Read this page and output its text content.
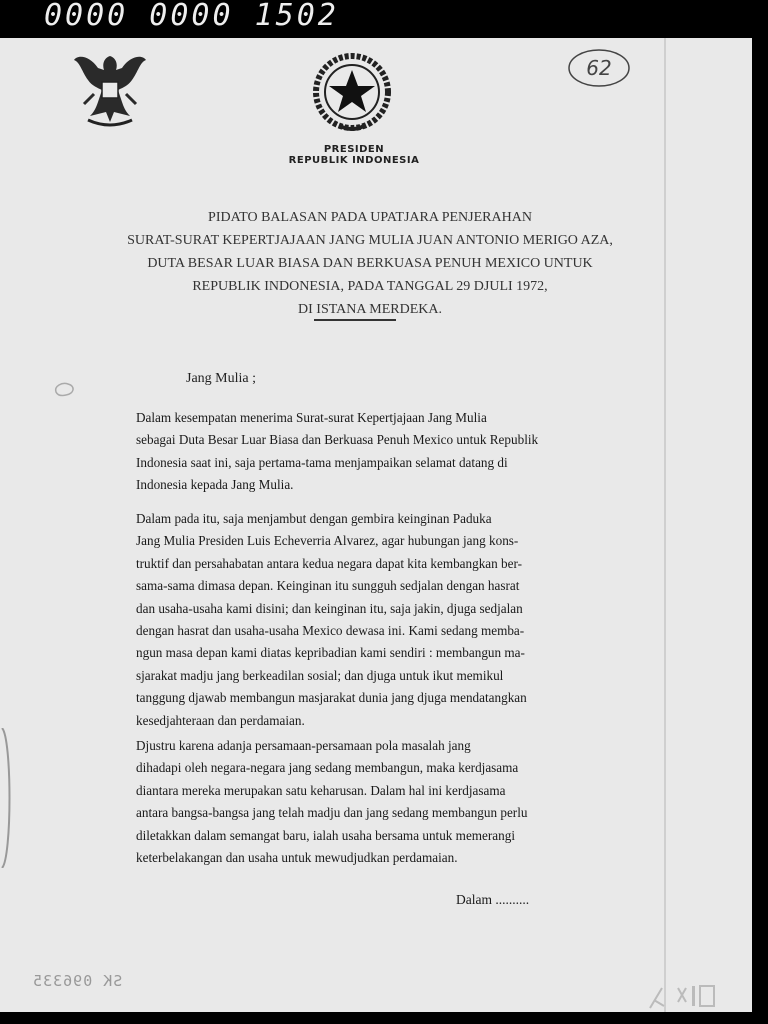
0000 0000 1502
62
PRESIDEN
REPUBLIK INDONESIA
PIDATO BALASAN PADA UPATJARA PENJERAHAN
SURAT-SURAT KEPERTJAJAAN JANG MULIA JUAN ANTONIO MERIGO AZA,
DUTA BESAR LUAR BIASA DAN BERKUASA PENUH MEXICO UNTUK
REPUBLIK INDONESIA, PADA TANGGAL 29 DJULI 1972,
DI ISTANA MERDEKA.
Jang Mulia ;
Dalam kesempatan menerima Surat-surat Kepertjajaan Jang Mulia
sebagai Duta Besar Luar Biasa dan Berkuasa Penuh Mexico untuk Republik
Indonesia saat ini, saja pertama-tama menjampaikan selamat datang di
Indonesia kepada Jang Mulia.
Dalam pada itu, saja menjambut dengan gembira keinginan Paduka
Jang Mulia Presiden Luis Echeverria Alvarez, agar hubungan jang kons-
truktif dan persahabatan antara kedua negara dapat kita kembangkan ber-
sama-sama dimasa depan. Keinginan itu sungguh sedjalan dengan hasrat
dan usaha-usaha kami disini; dan keinginan itu, saja jakin, djuga sedjalan
dengan hasrat dan usaha-usaha Mexico dewasa ini. Kami sedang memba-
ngun masa depan kami diatas kepribadian kami sendiri : membangun ma-
sjarakat madju jang berkeadilan sosial; dan djuga untuk ikut memikul
tanggung djawab membangun masjarakat dunia jang djuga mendatangkan
kesedjahteraan dan perdamaian.
Djustru karena adanja persamaan-persamaan pola masalah jang
dihadapi oleh negara-negara jang sedang membangun, maka kerdjasama
diantara mereka merupakan satu keharusan. Dalam hal ini kerdjasama
antara bangsa-bangsa jang telah madju dan jang sedang membangun perlu
diletakkan dalam semangat baru, ialah usaha bersama untuk memerangi
keterbelakangan dan usaha untuk mewudjudkan perdamaian.
Dalam ..........
SK 096335
